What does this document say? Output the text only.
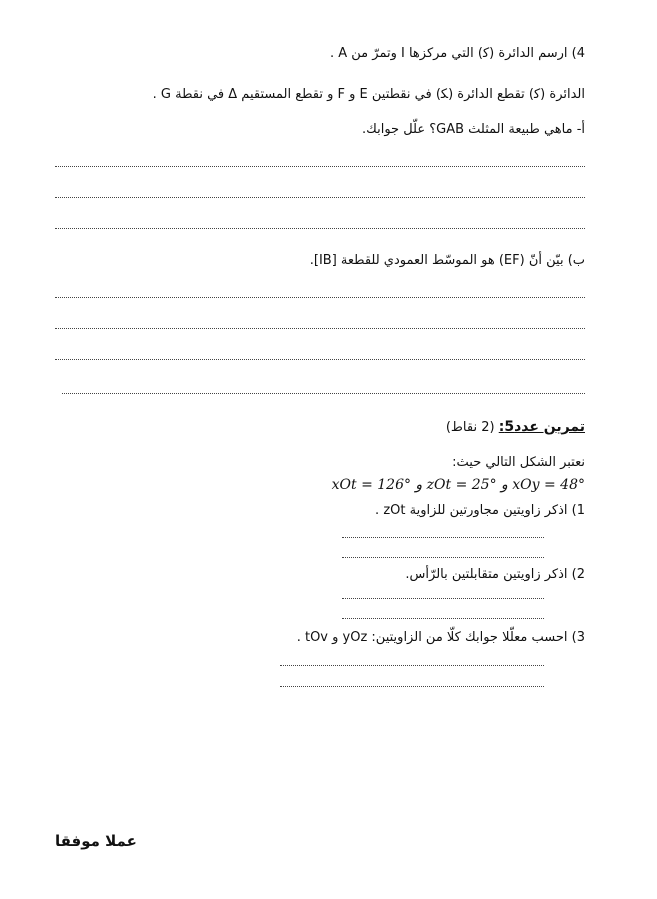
4) ارسم الدائرة (ﮐ) التي مركزها I وتمرّ من A .
الدائرة (ﮐ) تقطع الدائرة (ﮑ) في نقطتين E و F و تقطع المستقيم Δ في نقطة G .
أ- ماهي طبيعة المثلث GAB؟ علّل جوابك.
ب) بيّن أنّ (EF) هو الموسّط العمودي للقطعة [IB].
تمرين عدد5: (2 نقاط)
نعتبر الشكل التالي حيث:
xOy = 48° و zOt = 25° و xOt = 126°
1) اذكر زاويتين مجاورتين للزاوية zOt .
2) اذكر زاويتين متقابلتين بالرّأس.
3) احسب معلّلا جوابك كلّا من الزاويتين: yOz و tOv .
عملا موفقا
